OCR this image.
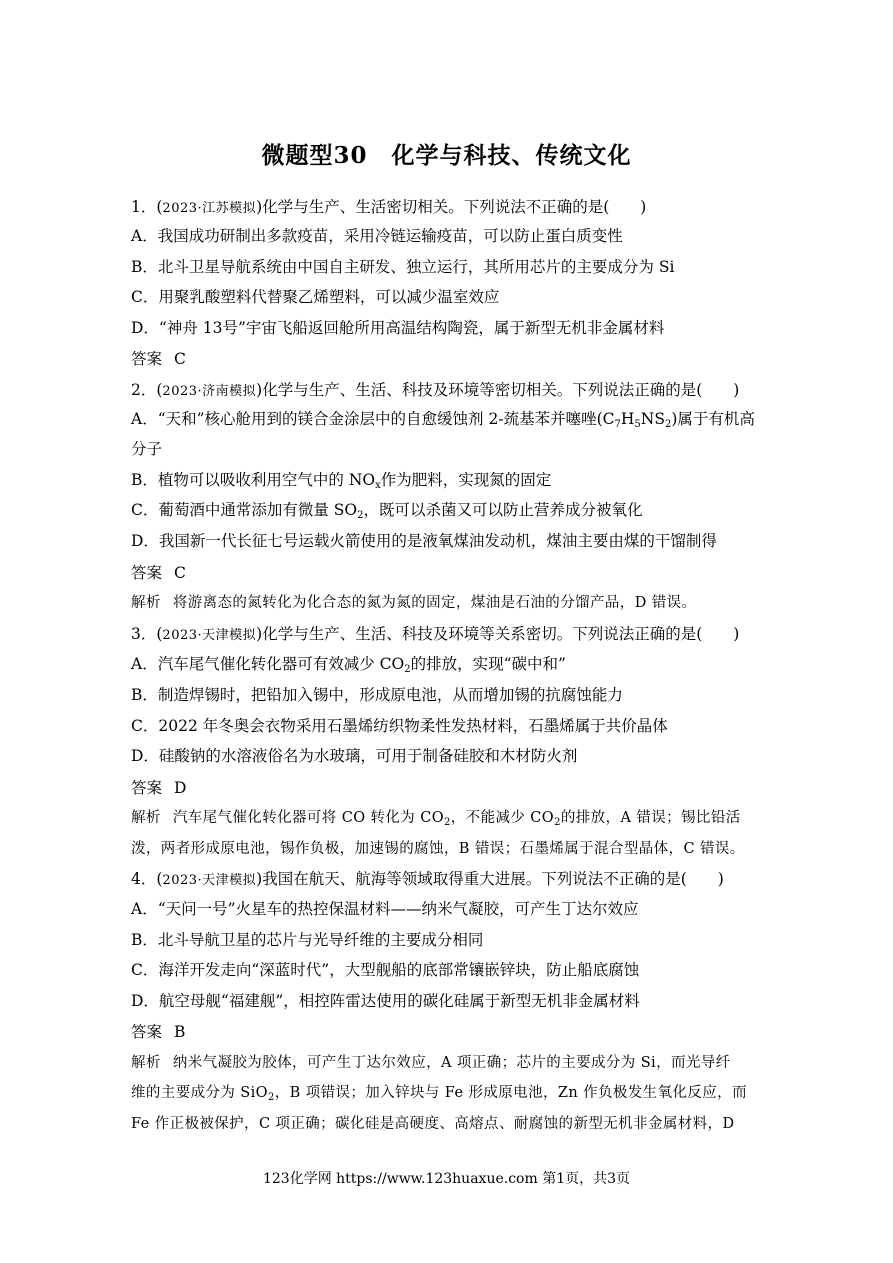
微题型30　化学与科技、传统文化
1．(2023·江苏模拟)化学与生产、生活密切相关。下列说法不正确的是(　　)
A．我国成功研制出多款疫苗，采用冷链运输疫苗，可以防止蛋白质变性
B．北斗卫星导航系统由中国自主研发、独立运行，其所用芯片的主要成分为 Si
C．用聚乳酸塑料代替聚乙烯塑料，可以减少温室效应
D．“神舟 13号”宇宙飞船返回舱所用高温结构陶瓷，属于新型无机非金属材料
答案 C
2．(2023·济南模拟)化学与生产、生活、科技及环境等密切相关。下列说法正确的是(　　)
A．“天和”核心舱用到的镁合金涂层中的自愈缓蚀剂 2-巯基苯并噻唑$(C_7H_5NS_2)$属于有机高
分子
B．植物可以吸收利用空气中的 $NO_x$作为肥料，实现氮的固定
C．葡萄酒中通常添加有微量 $SO_2$，既可以杀菌又可以防止营养成分被氧化
D．我国新一代长征七号运载火箭使用的是液氧煤油发动机，煤油主要由煤的干馏制得
答案 C
解析 将游离态的氮转化为化合态的氮为氮的固定，煤油是石油的分馏产品，D 错误。
3．(2023·天津模拟)化学与生产、生活、科技及环境等关系密切。下列说法正确的是(　　)
A．汽车尾气催化转化器可有效减少 $CO_2$的排放，实现“碳中和”
B．制造焊锡时，把铅加入锡中，形成原电池，从而增加锡的抗腐蚀能力
C．2022 年冬奥会衣物采用石墨烯纺织物柔性发热材料，石墨烯属于共价晶体
D．硅酸钠的水溶液俗名为水玻璃，可用于制备硅胶和木材防火剂
答案 D
解析 汽车尾气催化转化器可将 CO 转化为 $CO_2$，不能减少 $CO_2$的排放，A 错误；锡比铅活
泼，两者形成原电池，锡作负极，加速锡的腐蚀，B 错误；石墨烯属于混合型晶体，C 错误。
4．(2023·天津模拟)我国在航天、航海等领域取得重大进展。下列说法不正确的是(　　)
A．“天问一号”火星车的热控保温材料——纳米气凝胶，可产生丁达尔效应
B．北斗导航卫星的芯片与光导纤维的主要成分相同
C．海洋开发走向“深蓝时代”，大型舰船的底部常镶嵌锌块，防止船底腐蚀
D．航空母舰“福建舰”，相控阵雷达使用的碳化硅属于新型无机非金属材料
答案 B
解析 纳米气凝胶为胶体，可产生丁达尔效应，A 项正确；芯片的主要成分为 Si，而光导纤
维的主要成分为 SiO$_2$，B 项错误；加入锌块与 Fe 形成原电池，Zn 作负极发生氧化反应，而
Fe 作正极被保护，C 项正确；碳化硅是高硬度、高熔点、耐腐蚀的新型无机非金属材料，D
123化学网 https://www.123huaxue.com 第1页，共3页
